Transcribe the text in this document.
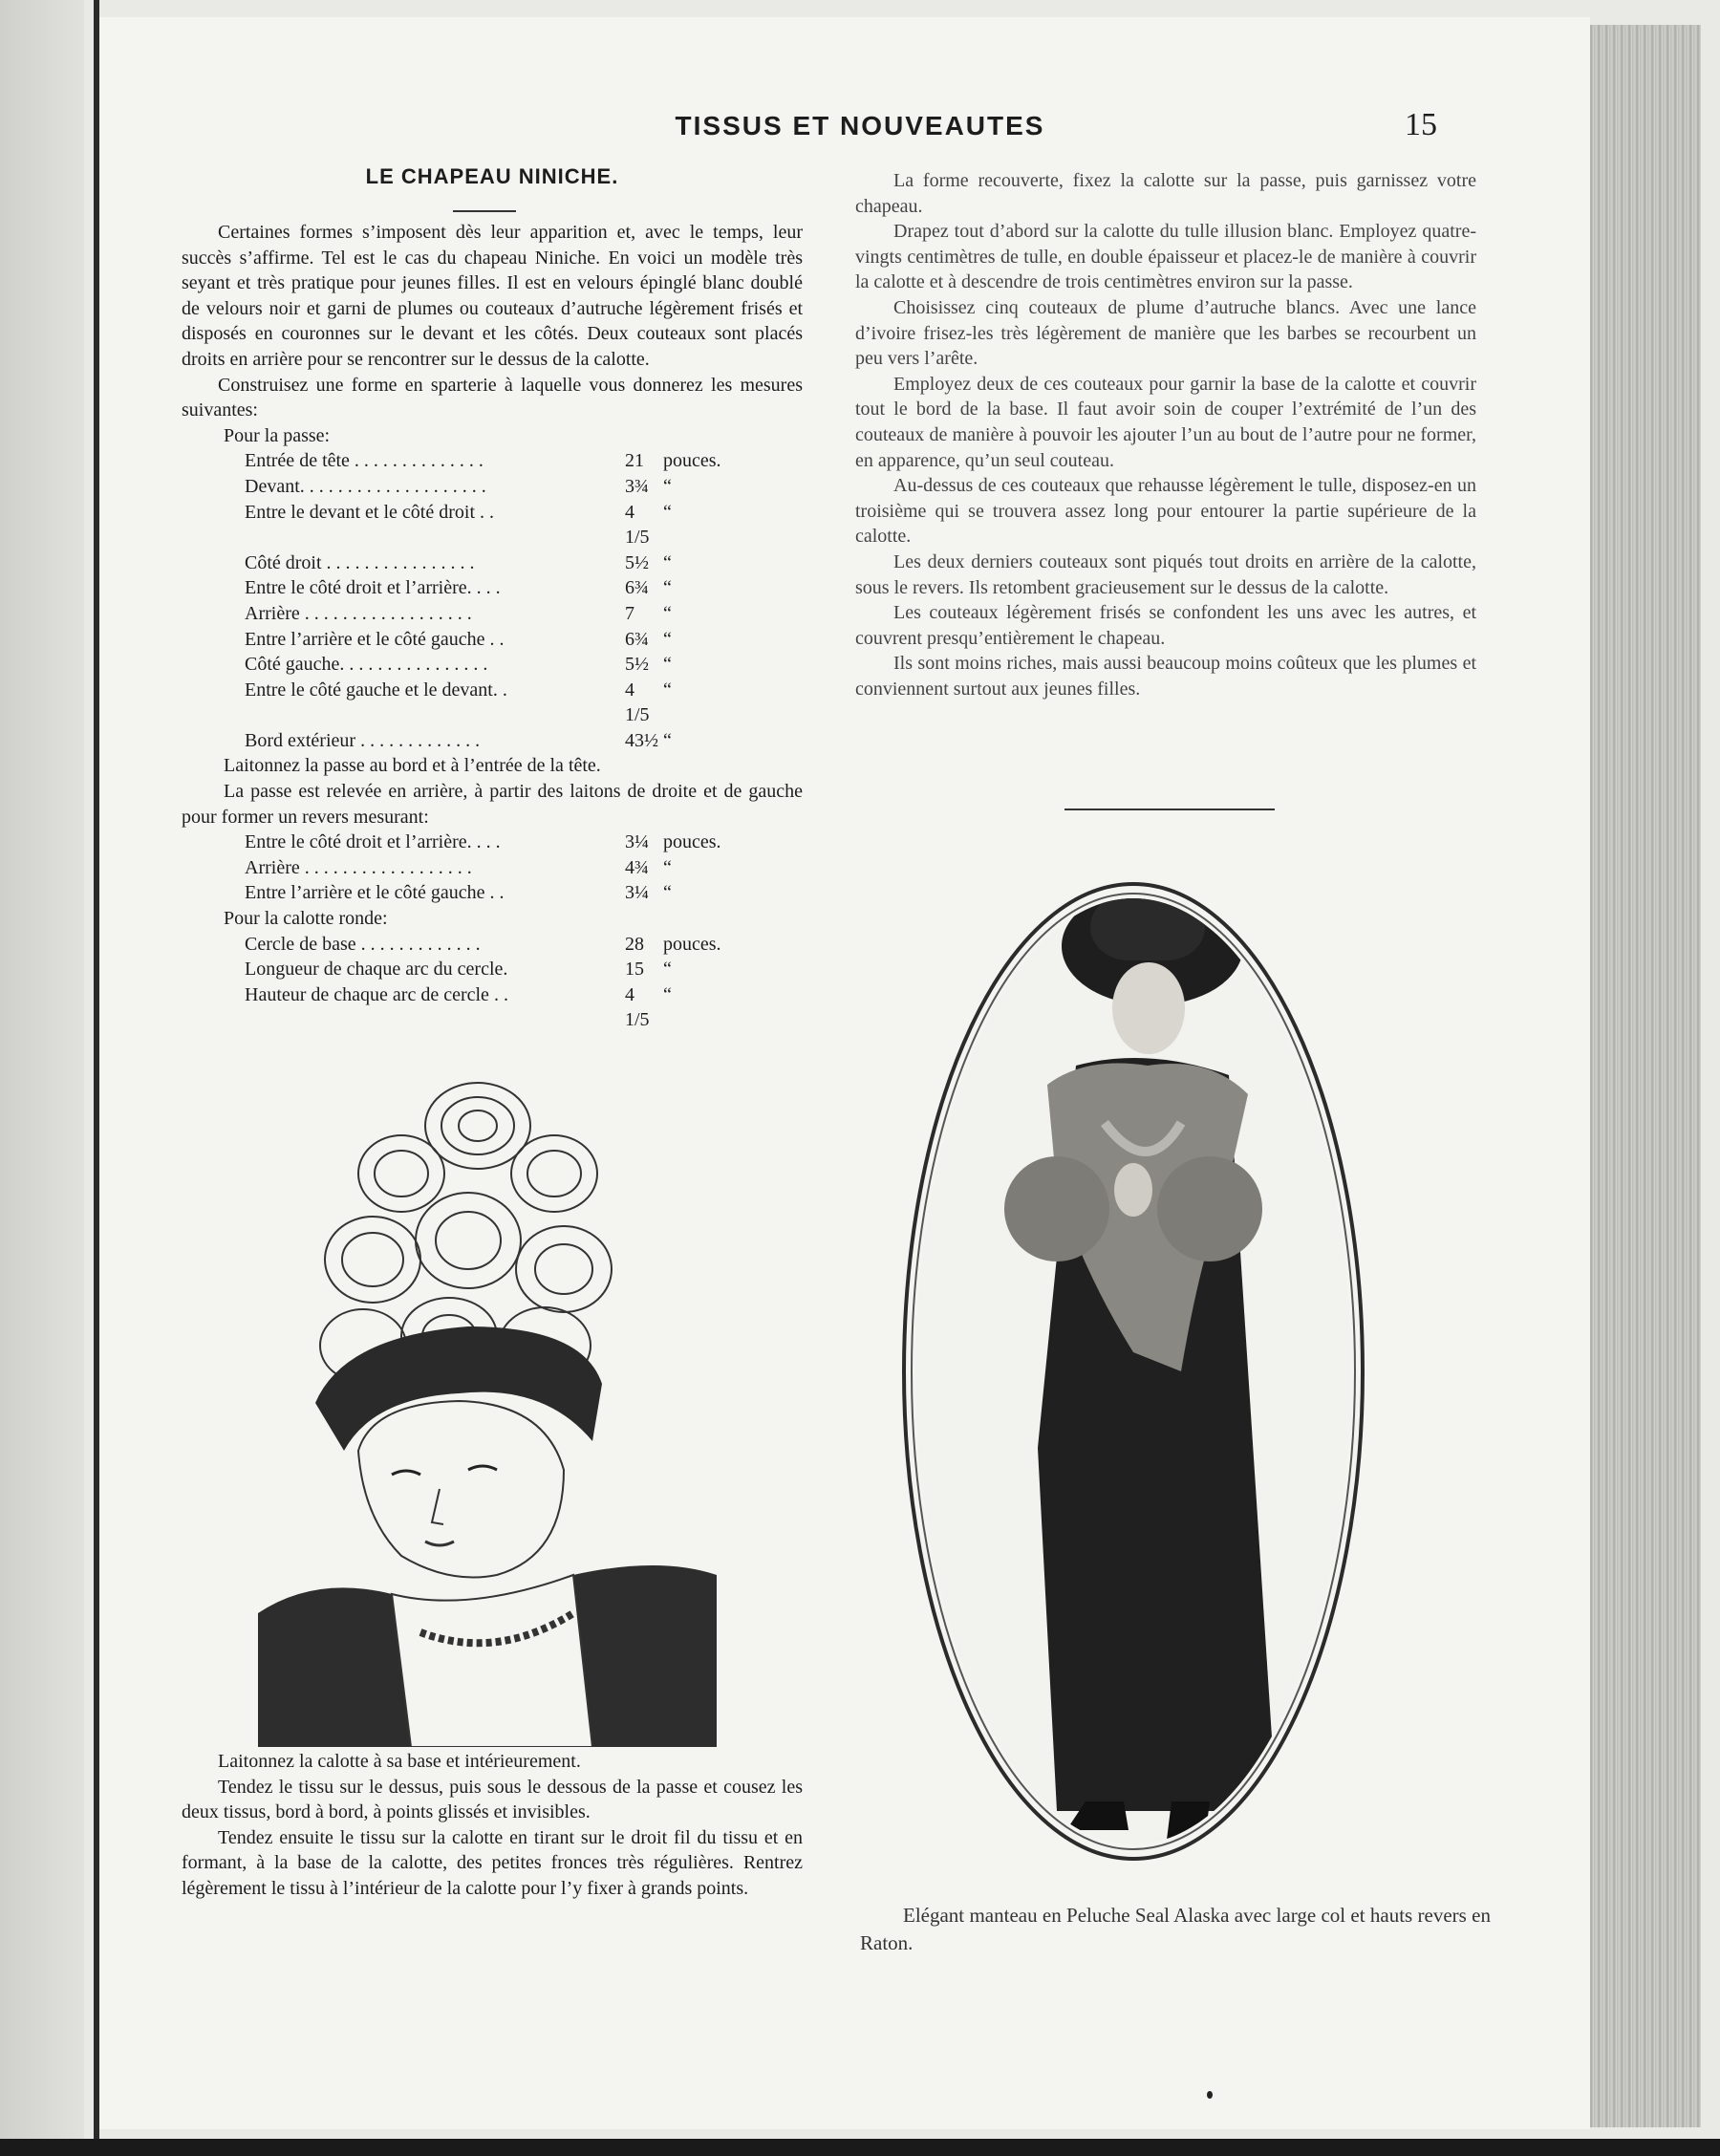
TISSUS ET NOUVEAUTES	15
LE CHAPEAU NINICHE.

Certaines formes s’imposent dès leur apparition et, avec le temps, leur succès s’affirme. Tel est le cas du chapeau Niniche. En voici un modèle très seyant et très pratique pour jeunes filles. Il est en velours épinglé blanc doublé de velours noir et garni de plumes ou couteaux d’autruche légèrement frisés et disposés en couronnes sur le devant et les côtés. Deux couteaux sont placés droits en arrière pour se rencontrer sur le dessus de la calotte.

Construisez une forme en sparterie à laquelle vous donnerez les mesures suivantes:

Pour la passe:
Entrée de tête . . . . . . . . . . . . . .	21	pouces.
Devant. . . . . . . . . . . . . . . . . . . .	3¾	“
Entre le devant et le côté droit . .	4 1/5	“
Côté droit . . . . . . . . . . . . . . . .	5½	“
Entre le côté droit et l’arrière. . . .	6¾	“
Arrière . . . . . . . . . . . . . . . . . .	7	“
Entre l’arrière et le côté gauche . .	6¾	“
Côté gauche. . . . . . . . . . . . . . . .	5½	“
Entre le côté gauche et le devant. .	4 1/5	“
Bord extérieur . . . . . . . . . . . . .	43½	“

Laitonnez la passe au bord et à l’entrée de la tête.

La passe est relevée en arrière, à partir des laitons de droite et de gauche pour former un revers mesurant:

Entre le côté droit et l’arrière. . . .	3¼	pouces.
Arrière . . . . . . . . . . . . . . . . . .	4¾	“
Entre l’arrière et le côté gauche . .	3¼	“
Pour la calotte ronde:
Cercle de base . . . . . . . . . . . . .	28	pouces.
Longueur de chaque arc du cercle.	15	“
Hauteur de chaque arc de cercle . .	4 1/5	“

Laitonnez la calotte à sa base et intérieurement.

Tendez le tissu sur le dessus, puis sous le dessous de la passe et cousez les deux tissus, bord à bord, à points glissés et invisibles.

Tendez ensuite le tissu sur la calotte en tirant sur le droit fil du tissu et en formant, à la base de la calotte, des petites fronces très régulières. Rentrez légèrement le tissu à l’intérieur de la calotte pour l’y fixer à grands points.

La forme recouverte, fixez la calotte sur la passe, puis garnissez votre chapeau.

Drapez tout d’abord sur la calotte du tulle illusion blanc. Employez quatre-vingts centimètres de tulle, en double épaisseur et placez-le de manière à couvrir la calotte et à descendre de trois centimètres environ sur la passe.

Choisissez cinq couteaux de plume d’autruche blancs. Avec une lance d’ivoire frisez-les très légèrement de manière que les barbes se recourbent un peu vers l’arête.

Employez deux de ces couteaux pour garnir la base de la calotte et couvrir tout le bord de la base. Il faut avoir soin de couper l’extrémité de l’un des couteaux de manière à pouvoir les ajouter l’un au bout de l’autre pour ne former, en apparence, qu’un seul couteau.

Au-dessus de ces couteaux que rehausse légèrement le tulle, disposez-en un troisième qui se trouvera assez long pour entourer la partie supérieure de la calotte.

Les deux derniers couteaux sont piqués tout droits en arrière de la calotte, sous le revers. Ils retombent gracieusement sur le dessus de la calotte.

Les couteaux légèrement frisés se confondent les uns avec les autres, et couvrent presqu’entièrement le chapeau.

Ils sont moins riches, mais aussi beaucoup moins coûteux que les plumes et conviennent surtout aux jeunes filles.

Elégant manteau en Peluche Seal Alaska avec large col et hauts revers en Raton.
